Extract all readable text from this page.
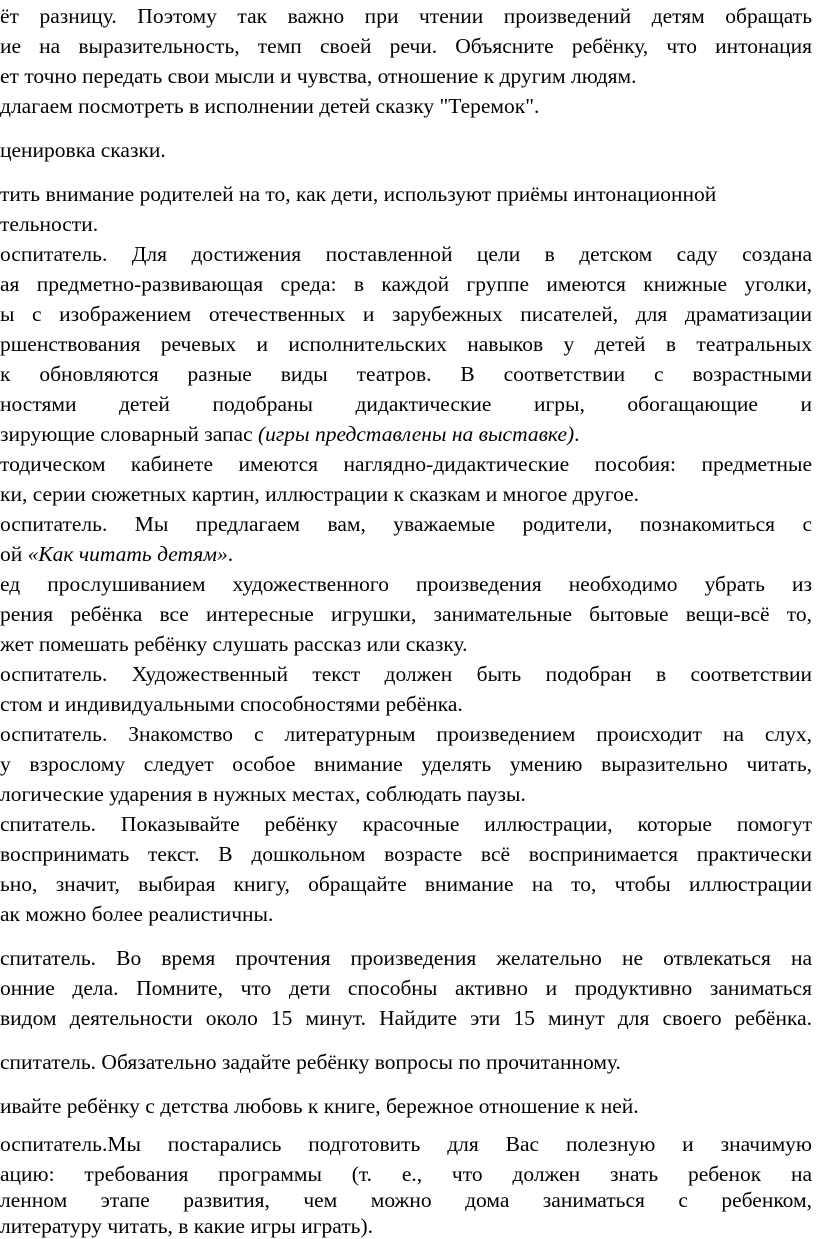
ёт разницу. Поэтому так важно при чтении произведений детям обращать
ие на выразительность, темп своей речи. Объясните ребёнку, что интонация
ет точно передать свои мысли и чувства, отношение к другим людям.
длагаем посмотреть в исполнении детей сказку "Теремок".
ценировка сказки.
тить внимание родителей на то, как дети, используют приёмы интонационной
тельности.
оспитатель. Для достижения поставленной цели в детском саду создана
ая предметно-развивающая среда: в каждой группе имеются книжные уголки,
ы с изображением отечественных и зарубежных писателей, для драматизации
ршенствования речевых и исполнительских навыков у детей в театральных
к обновляются разные виды театров. В соответствии с возрастными
ностями детей подобраны дидактические игры, обогащающие и
зирующие словарный запас (игры представлены на выставке).
тодическом кабинете имеются наглядно-дидактические пособия: предметные
ки, серии сюжетных картин, иллюстрации к сказкам и многое другое.
оспитатель. Мы предлагаем вам, уважаемые родители, познакомиться с
ой «Как читать детям».
ед прослушиванием художественного произведения необходимо убрать из
рения ребёнка все интересные игрушки, занимательные бытовые вещи-всё то,
жет помешать ребёнку слушать рассказ или сказку.
оспитатель. Художественный текст должен быть подобран в соответствии
стом и индивидуальными способностями ребёнка.
оспитатель. Знакомство с литературным произведением происходит на слух,
у взрослому следует особое внимание уделять умению выразительно читать,
логические ударения в нужных местах, соблюдать паузы.
спитатель. Показывайте ребёнку красочные иллюстрации, которые помогут
воспринимать текст. В дошкольном возрасте всё воспринимается практически
ьно, значит, выбирая книгу, обращайте внимание на то, чтобы иллюстрации
ак можно более реалистичны.
спитатель. Во время прочтения произведения желательно не отвлекаться на
онние дела. Помните, что дети способны активно и продуктивно заниматься
видом деятельности около 15 минут. Найдите эти 15 минут для своего ребёнка.
спитатель. Обязательно задайте ребёнку вопросы по прочитанному.
ивайте ребёнку с детства любовь к книге, бережное отношение к ней.
оспитатель.Мы постарались подготовить для Вас полезную и значимую
ацию: требования программы (т. е., что должен знать ребенок на
ленном этапе развития, чем можно дома заниматься с ребенком,
литературу читать, в какие игры играть).
